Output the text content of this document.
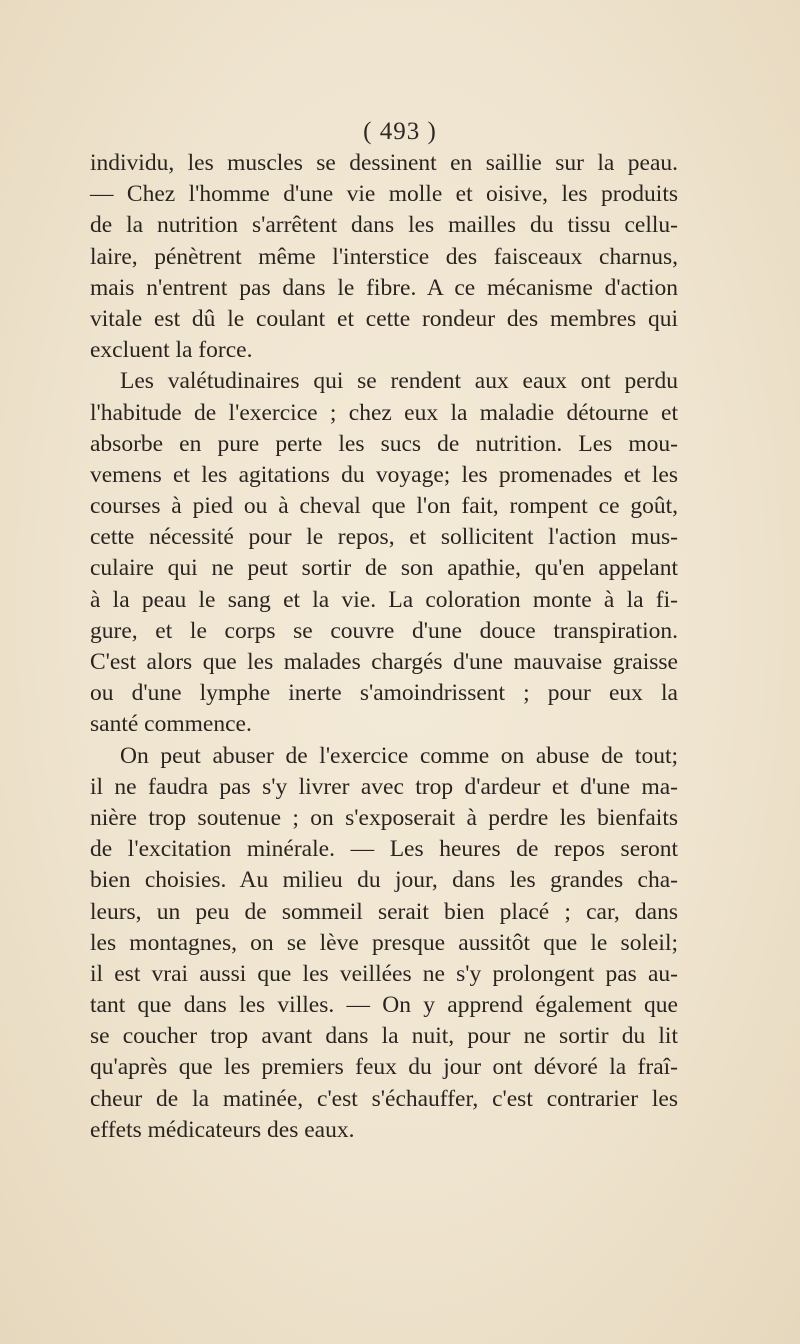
( 493 )
individu, les muscles se dessinent en saillie sur la peau.
— Chez l'homme d'une vie molle et oisive, les produits
de la nutrition s'arrêtent dans les mailles du tissu cellu-
laire, pénètrent même l'interstice des faisceaux charnus,
mais n'entrent pas dans le fibre. A ce mécanisme d'action
vitale est dû le coulant et cette rondeur des membres qui
excluent la force.
Les valétudinaires qui se rendent aux eaux ont perdu
l'habitude de l'exercice ; chez eux la maladie détourne et
absorbe en pure perte les sucs de nutrition. Les mou-
vemens et les agitations du voyage; les promenades et les
courses à pied ou à cheval que l'on fait, rompent ce goût,
cette nécessité pour le repos, et sollicitent l'action mus-
culaire qui ne peut sortir de son apathie, qu'en appelant
à la peau le sang et la vie. La coloration monte à la fi-
gure, et le corps se couvre d'une douce transpiration.
C'est alors que les malades chargés d'une mauvaise graisse
ou d'une lymphe inerte s'amoindrissent ; pour eux la
santé commence.
On peut abuser de l'exercice comme on abuse de tout;
il ne faudra pas s'y livrer avec trop d'ardeur et d'une ma-
nière trop soutenue ; on s'exposerait à perdre les bienfaits
de l'excitation minérale. — Les heures de repos seront
bien choisies. Au milieu du jour, dans les grandes cha-
leurs, un peu de sommeil serait bien placé ; car, dans
les montagnes, on se lève presque aussitôt que le soleil;
il est vrai aussi que les veillées ne s'y prolongent pas au-
tant que dans les villes. — On y apprend également que
se coucher trop avant dans la nuit, pour ne sortir du lit
qu'après que les premiers feux du jour ont dévoré la fraî-
cheur de la matinée, c'est s'échauffer, c'est contrarier les
effets médicateurs des eaux.
